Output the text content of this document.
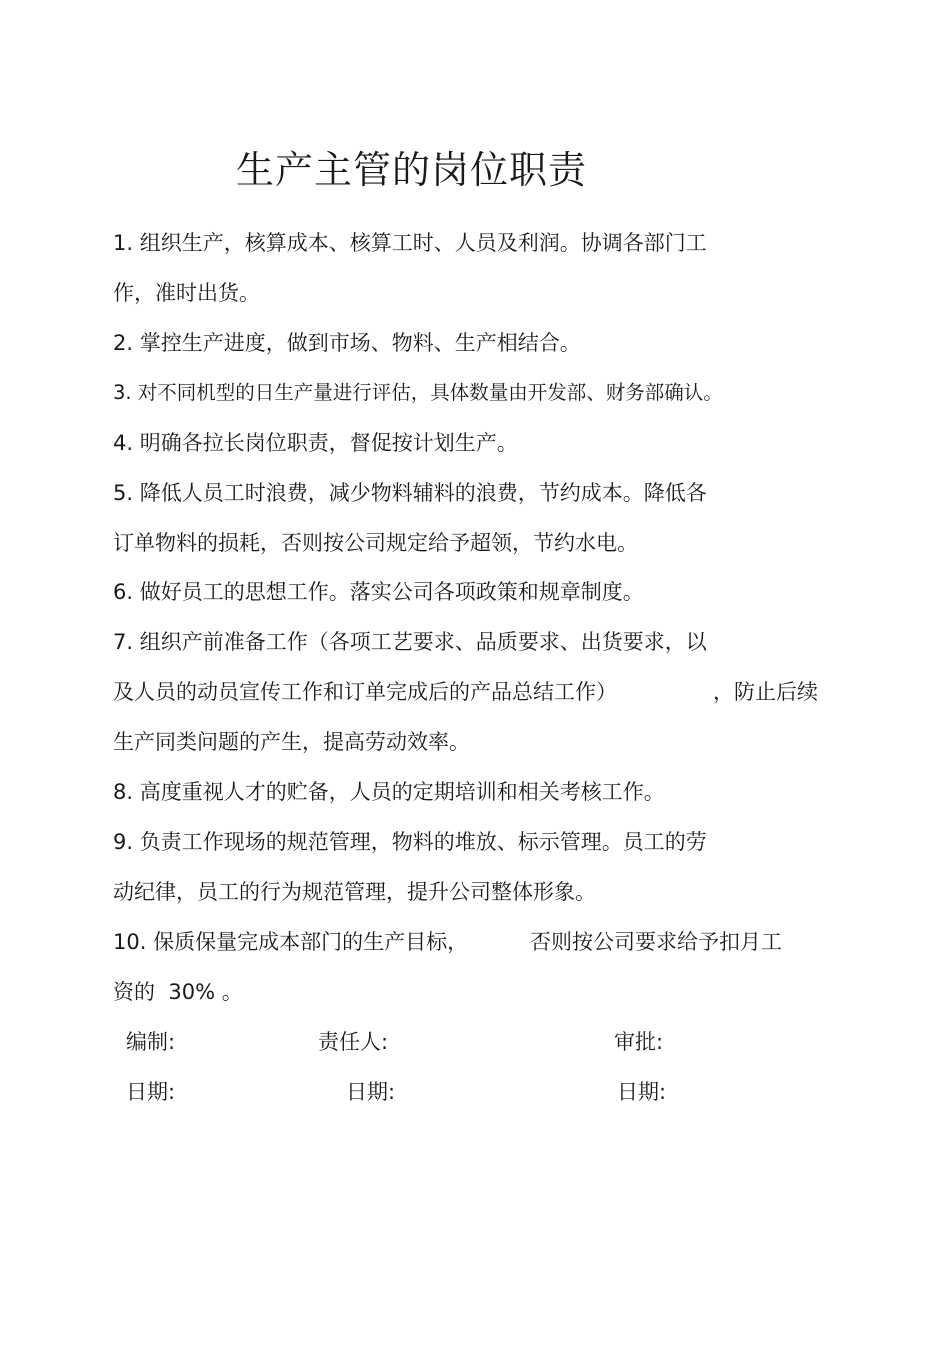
生产主管的岗位职责
1. 组织生产，核算成本、核算工时、人员及利润。协调各部门工
作，准时出货。
2. 掌控生产进度，做到市场、物料、生产相结合。
3. 对不同机型的日生产量进行评估，具体数量由开发部、财务部确认。
4. 明确各拉长岗位职责，督促按计划生产。
5. 降低人员工时浪费，减少物料辅料的浪费，节约成本。降低各
订单物料的损耗，否则按公司规定给予超领，节约水电。
6. 做好员工的思想工作。落实公司各项政策和规章制度。
7. 组织产前准备工作（各项工艺要求、品质要求、出货要求，以
及人员的动员宣传工作和订单完成后的产品总结工作）	，防止后续
生产同类问题的产生，提高劳动效率。
8. 高度重视人才的贮备，人员的定期培训和相关考核工作。
9. 负责工作现场的规范管理，物料的堆放、标示管理。员工的劳
动纪律，员工的行为规范管理，提升公司整体形象。
10. 保质保量完成本部门的生产目标，	否则按公司要求给予扣月工
资的  30% 。
编制:	责任人:	审批:
日期:	日期:	日期:
